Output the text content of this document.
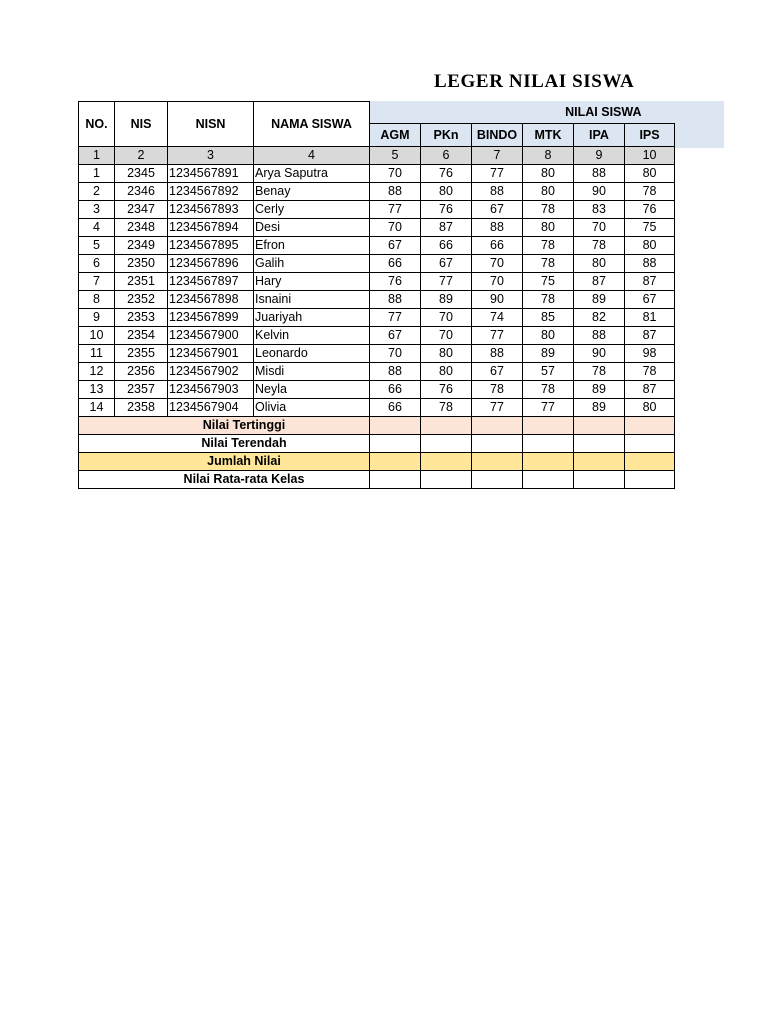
LEGER NILAI SISWA
NO.	NIS	NISN	NAMA SISWA	NILAI SISWA					
				AGM	PKn	BINDO	MTK	IPA	IPS
1	2	3	4	5	6	7	8	9	10
1	2345	1234567891	Arya Saputra	70	76	77	80	88	80
2	2346	1234567892	Benay	88	80	88	80	90	78
3	2347	1234567893	Cerly	77	76	67	78	83	76
4	2348	1234567894	Desi	70	87	88	80	70	75
5	2349	1234567895	Efron	67	66	66	78	78	80
6	2350	1234567896	Galih	66	67	70	78	80	88
7	2351	1234567897	Hary	76	77	70	75	87	87
8	2352	1234567898	Isnaini	88	89	90	78	89	67
9	2353	1234567899	Juariyah	77	70	74	85	82	81
10	2354	1234567900	Kelvin	67	70	77	80	88	87
11	2355	1234567901	Leonardo	70	80	88	89	90	98
12	2356	1234567902	Misdi	88	80	67	57	78	78
13	2357	1234567903	Neyla	66	76	78	78	89	87
14	2358	1234567904	Olivia	66	78	77	77	89	80
Nilai Tertinggi									
Nilai Terendah									
Jumlah Nilai									
Nilai Rata-rata Kelas									
